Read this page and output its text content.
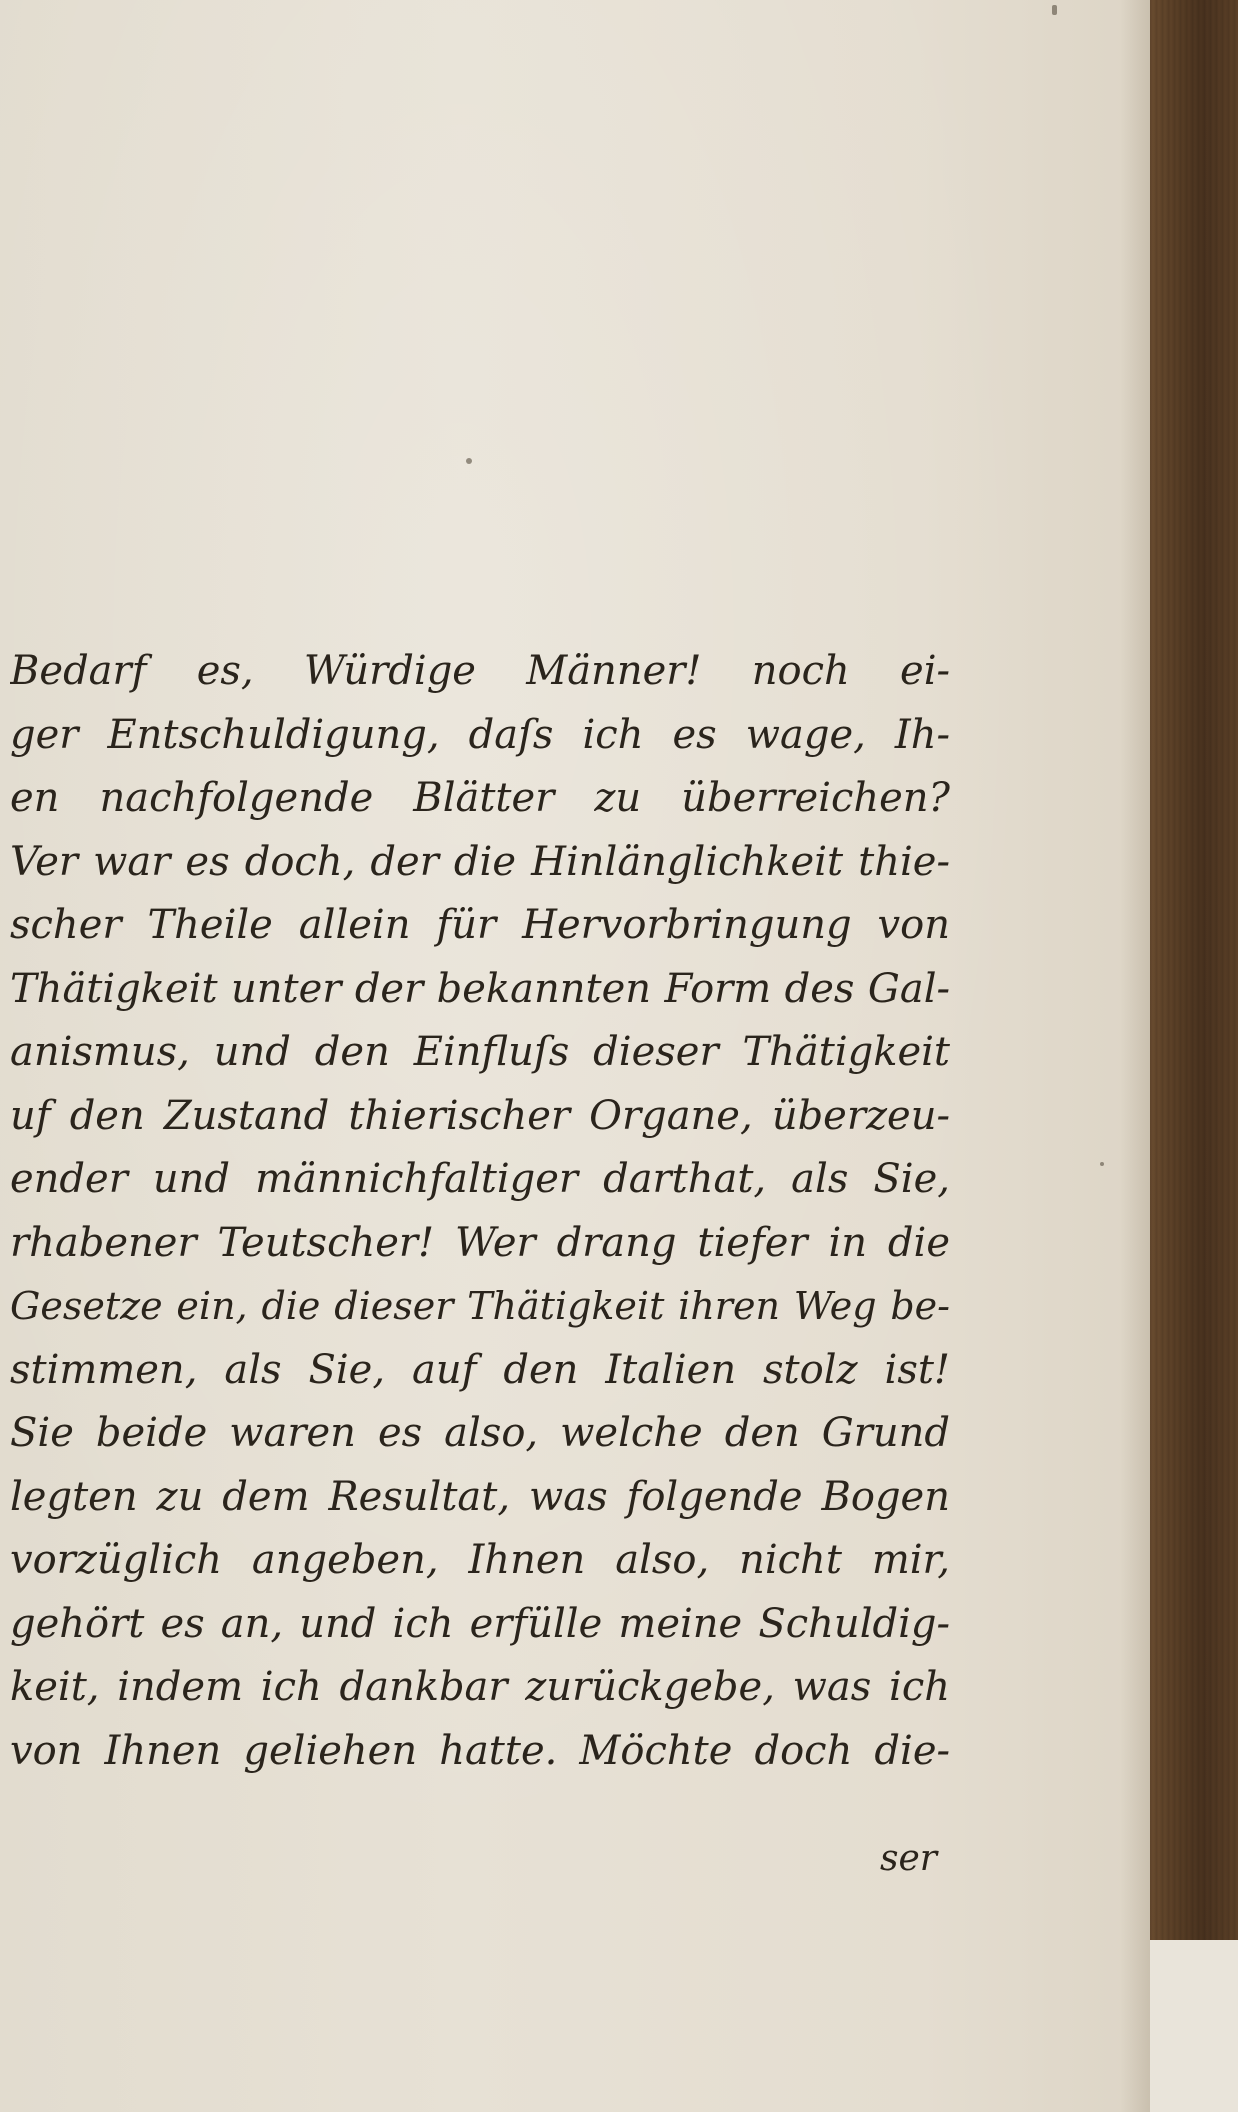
Bedarf es, Würdige Männer! noch ei-
ger Entschuldigung, daſs ich es wage, Ih-
en nachfolgende Blätter zu überreichen?
Ver war es doch, der die Hinlänglichkeit thie-
scher Theile allein für Hervorbringung von
Thätigkeit unter der bekannten Form des Gal-
anismus, und den Einfluſs dieser Thätigkeit
uf den Zustand thierischer Organe, überzeu-
ender und männichfaltiger darthat, als Sie,
rhabener Teutscher! Wer drang tiefer in die
Gesetze ein, die dieser Thätigkeit ihren Weg be-
stimmen, als Sie, auf den Italien stolz ist!
Sie beide waren es also, welche den Grund
legten zu dem Resultat, was folgende Bogen
vorzüglich angeben, Ihnen also, nicht mir,
gehört es an, und ich erfülle meine Schuldig-
keit, indem ich dankbar zurückgebe, was ich
von Ihnen geliehen hatte. Möchte doch die-
ser
